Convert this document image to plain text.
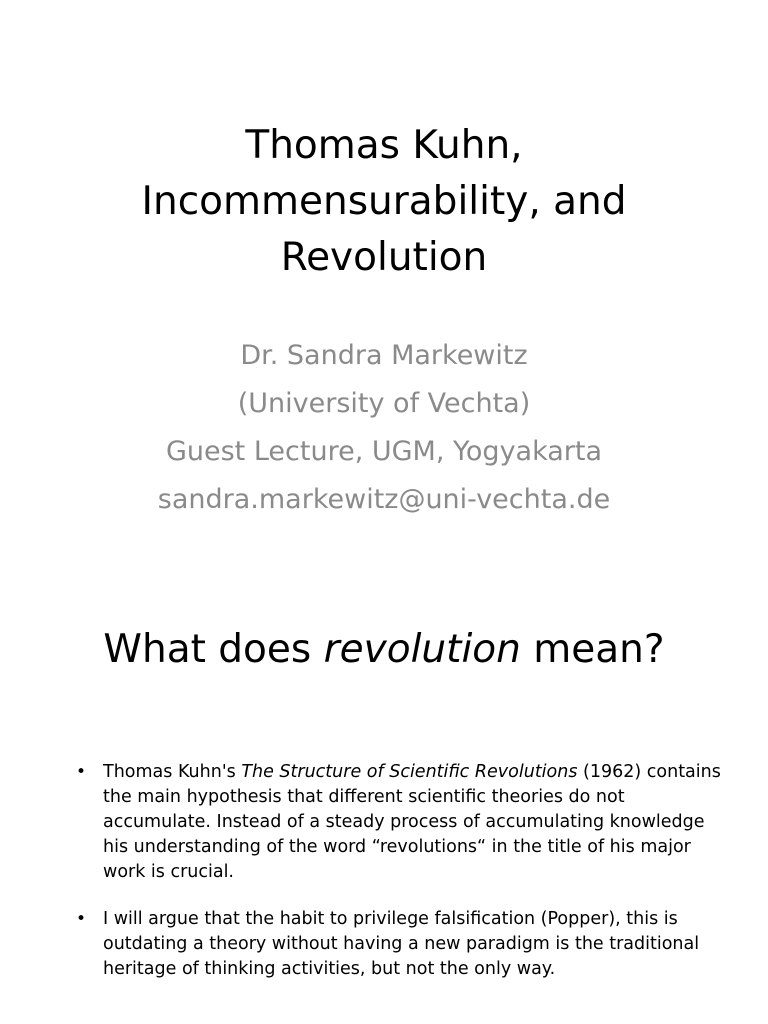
Thomas Kuhn,
Incommensurability, and
Revolution
Dr. Sandra Markewitz
(University of Vechta)
Guest Lecture, UGM, Yogyakarta
sandra.markewitz@uni-vechta.de
What does revolution mean?
• Thomas Kuhn's The Structure of Scientific Revolutions (1962) contains the main hypothesis that different scientific theories do not accumulate. Instead of a steady process of accumulating knowledge his understanding of the word “revolutions“ in the title of his major work is crucial.
• I will argue that the habit to privilege falsification (Popper), this is outdating a theory without having a new paradigm is the traditional heritage of thinking activities, but not the only way.
